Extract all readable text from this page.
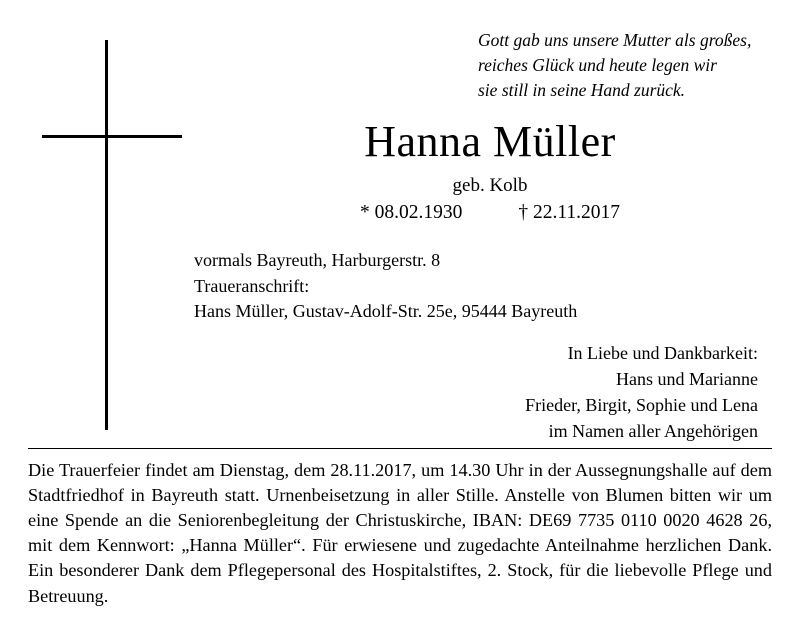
Gott gab uns unsere Mutter als großes,
reiches Glück und heute legen wir
sie still in seine Hand zurück.
Hanna Müller
geb. Kolb
* 08.02.1930	† 22.11.2017
vormals Bayreuth, Harburgerstr. 8
Traueranschrift:
Hans Müller, Gustav-Adolf-Str. 25e, 95444 Bayreuth
In Liebe und Dankbarkeit:
Hans und Marianne
Frieder, Birgit, Sophie und Lena
im Namen aller Angehörigen
Die Trauerfeier findet am Dienstag, dem 28.11.2017, um 14.30 Uhr in der Aussegnungshalle auf dem Stadtfriedhof in Bayreuth statt. Urnenbeisetzung in aller Stille. Anstelle von Blumen bitten wir um eine Spende an die Seniorenbegleitung der Christuskirche, IBAN: DE69 7735 0110 0020 4628 26, mit dem Kennwort: „Hanna Müller“. Für erwiesene und zugedachte Anteilnahme herzlichen Dank. Ein besonderer Dank dem Pflegepersonal des Hospitalstiftes, 2. Stock, für die liebevolle Pflege und Betreuung.
